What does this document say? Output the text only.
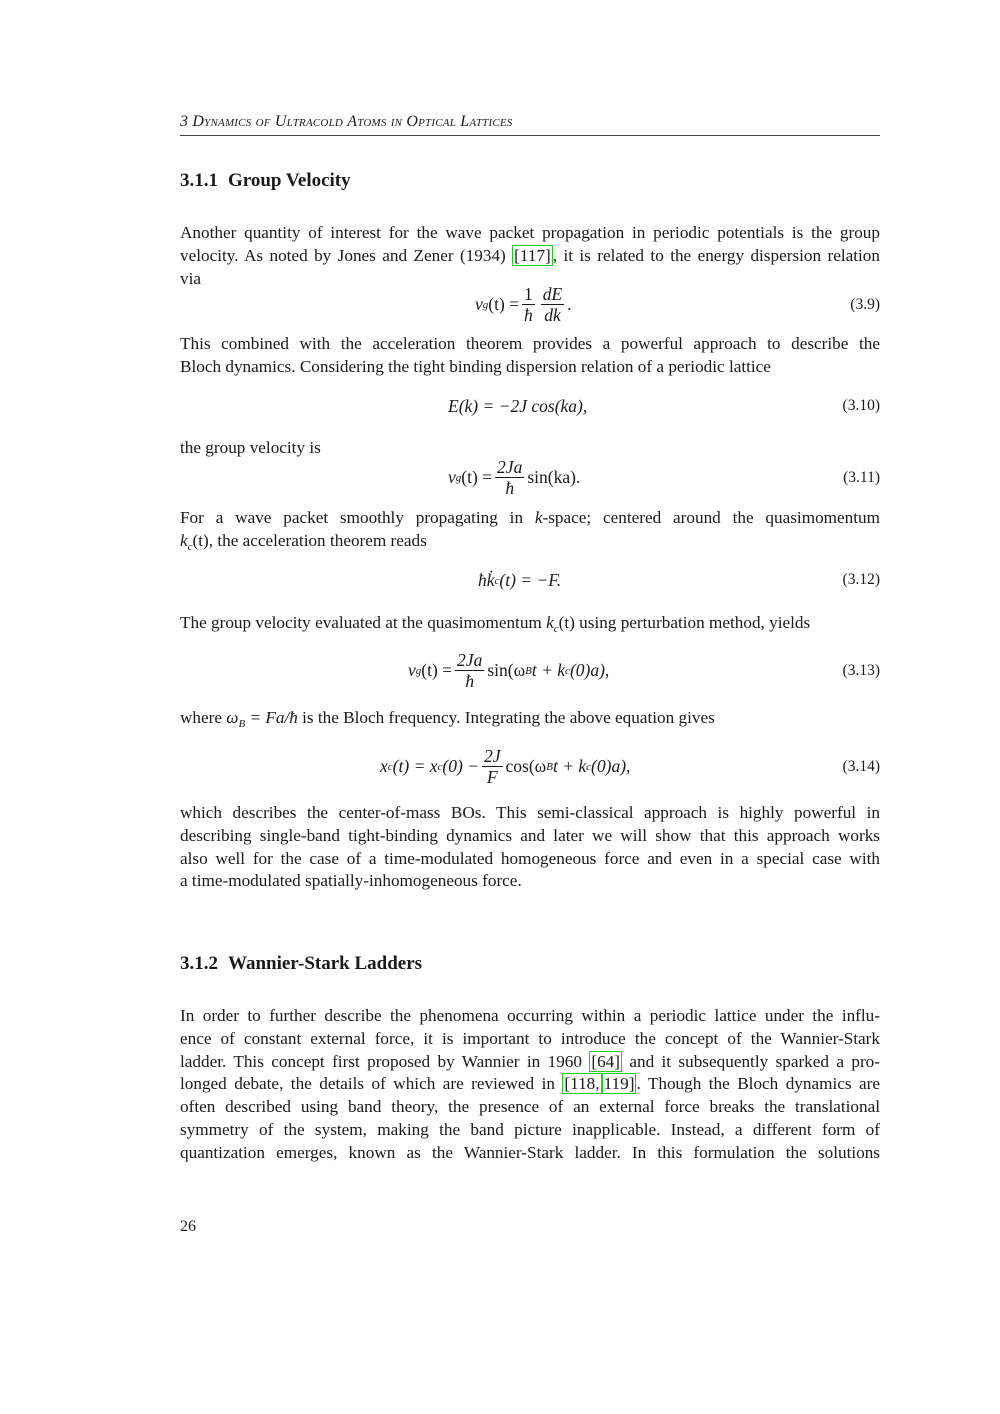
3 Dynamics of Ultracold Atoms in Optical Lattices
3.1.1 Group Velocity
Another quantity of interest for the wave packet propagation in periodic potentials is the group
velocity. As noted by Jones and Zener (1934) [117] , it is related to the energy dispersion relation
via
v g $(t) = \frac{1}{ħ} \frac{dE}{dk}$ .	(3.9)
This combined with the acceleration theorem provides a powerful approach to describe the
Bloch dynamics. Considering the tight binding dispersion relation of a periodic lattice
E(k) = −2J cos(ka),	(3.10)
the group velocity is
v g $(t) = \frac{2Ja}{ħ} \sin(ka)$.	(3.11)
For a wave packet smoothly propagating in k-space; centered around the quasimomentum
$k_c(t)$, the acceleration theorem reads
ħk̇ c (t) = −F.	(3.12)
The group velocity evaluated at the quasimomentum $k_c(t)$ using perturbation method, yields
v g $(t) = \frac{2Ja}{ħ} \sin(\omega$ B t + k c (0)a),	(3.13)
where $\omega_B$ = Fa/ħ is the Bloch frequency. Integrating the above equation gives
x c (t) = x c $(0) - \frac{2J}{F} \cos(\omega$ B t + k c (0)a),	(3.14)
which describes the center-of-mass BOs. This semi-classical approach is highly powerful in
describing single-band tight-binding dynamics and later we will show that this approach works
also well for the case of a time-modulated homogeneous force and even in a special case with
a time-modulated spatially-inhomogeneous force.
3.1.2 Wannier-Stark Ladders
In order to further describe the phenomena occurring within a periodic lattice under the influ-
ence of constant external force, it is important to introduce the concept of the Wannier-Stark
ladder. This concept first proposed by Wannier in 1960 [64] and it subsequently sparked a pro-
longed debate, the details of which are reviewed in [118, 119] . Though the Bloch dynamics are
often described using band theory, the presence of an external force breaks the translational
symmetry of the system, making the band picture inapplicable. Instead, a different form of
quantization emerges, known as the Wannier-Stark ladder. In this formulation the solutions
26
